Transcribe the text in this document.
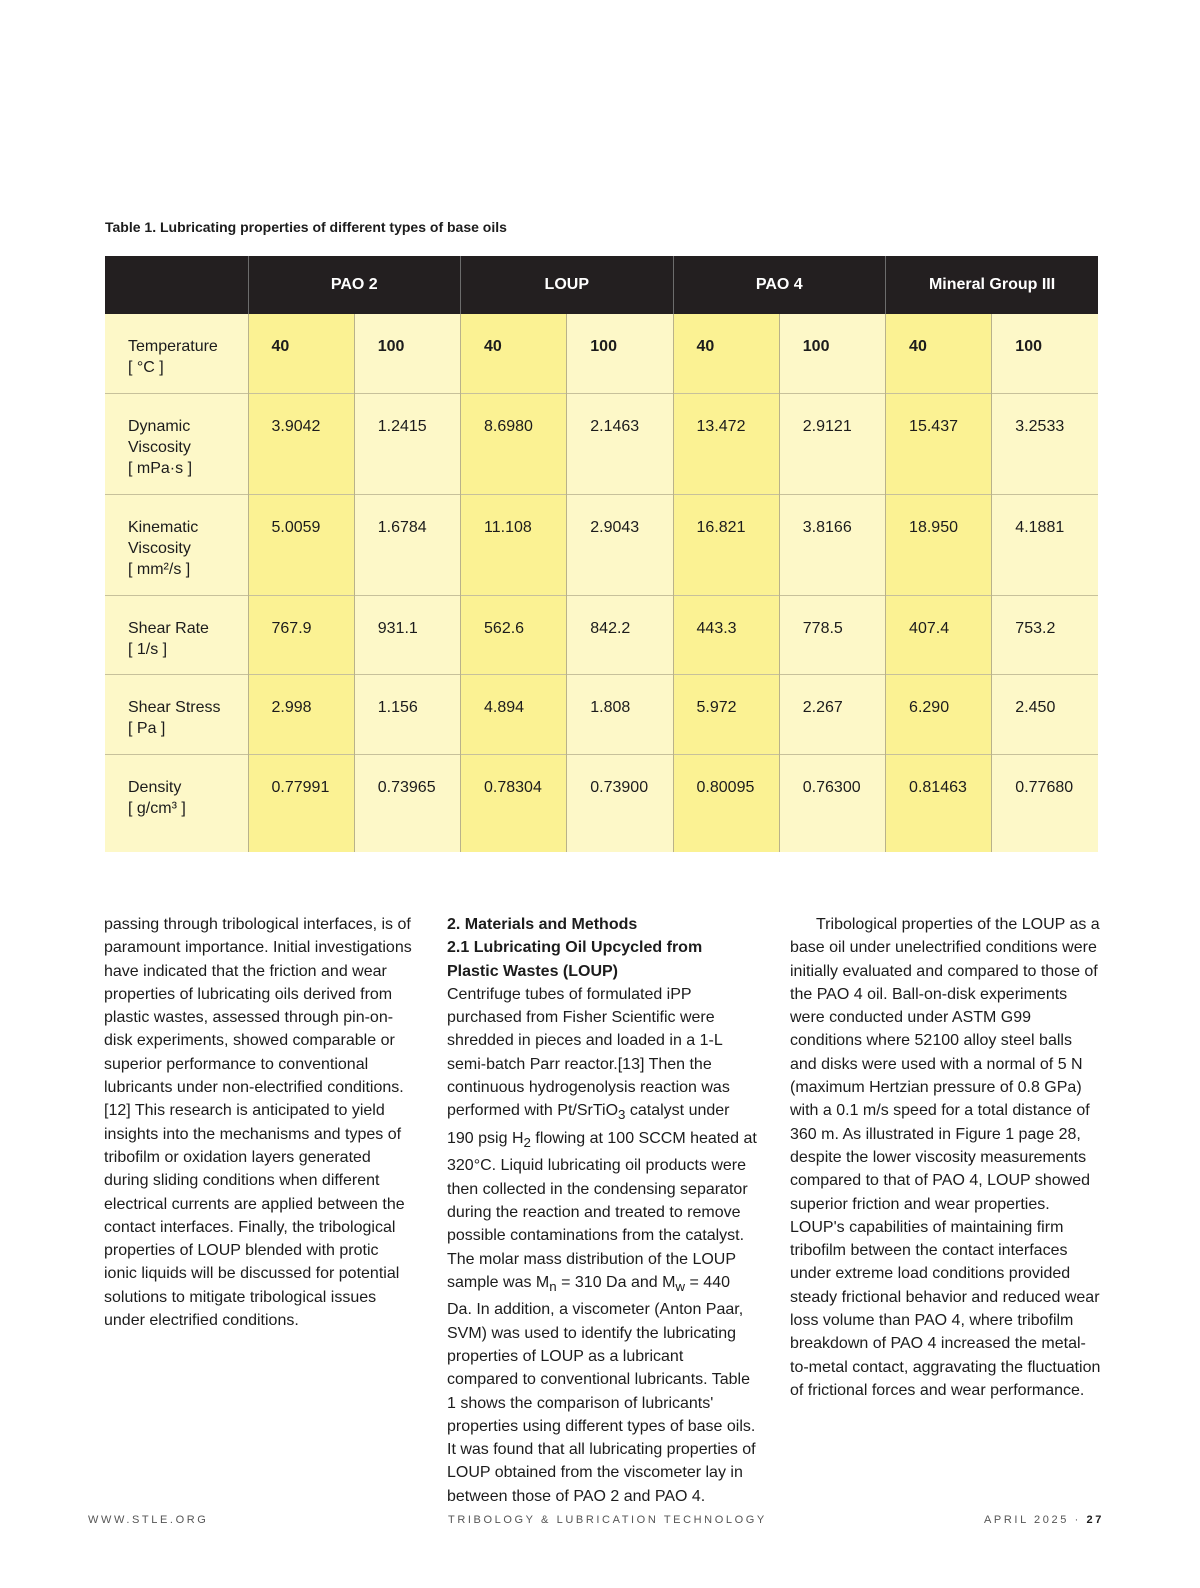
Table 1. Lubricating properties of different types of base oils
	PAO 2		LOUP		PAO 4		Mineral Group III	

Temperature
[ °C ]	40	100	40	100	40	100	40	100

Dynamic
Viscosity
[ mPa·s ]	3.9042	1.2415	8.6980	2.1463	13.472	2.9121	15.437	3.2533

Kinematic
Viscosity
[ mm²/s ]	5.0059	1.6784	11.108	2.9043	16.821	3.8166	18.950	4.1881

Shear Rate
[ 1/s ]	767.9	931.1	562.6	842.2	443.3	778.5	407.4	753.2

Shear Stress
[ Pa ]	2.998	1.156	4.894	1.808	5.972	2.267	6.290	2.450

Density
[ g/cm³ ]	0.77991	0.73965	0.78304	0.73900	0.80095	0.76300	0.81463	0.77680

passing through tribological interfaces, is of paramount importance. Initial investigations have indicated that the friction and wear properties of lubricating oils derived from plastic wastes, assessed through pin-on-disk experiments, showed comparable or superior performance to conventional lubricants under non-electrified conditions.[12] This research is anticipated to yield insights into the mechanisms and types of tribofilm or oxidation layers generated during sliding conditions when different electrical currents are applied between the contact interfaces. Finally, the tribological properties of LOUP blended with protic ionic liquids will be discussed for potential solutions to mitigate tribological issues under electrified conditions.

2. Materials and Methods

2.1 Lubricating Oil Upcycled from Plastic Wastes (LOUP)

Centrifuge tubes of formulated iPP purchased from Fisher Scientific were shredded in pieces and loaded in a 1-L semi-batch Parr reactor.[13] Then the continuous hydrogenolysis reaction was performed with Pt/SrTiO$_3$ catalyst under 190 psig $H_2$ flowing at 100 SCCM heated at 320°C. Liquid lubricating oil products were then collected in the condensing separator during the reaction and treated to remove possible contaminations from the catalyst. The molar mass distribution of the LOUP sample was $M_n = 310$ Da and $M_w = 440$ Da. In addition, a viscometer (Anton Paar, SVM) was used to identify the lubricating properties of LOUP as a lubricant compared to conventional lubricants. Table 1 shows the comparison of lubricants' properties using different types of base oils. It was found that all lubricating properties of LOUP obtained from the viscometer lay in between those of PAO 2 and PAO 4.

Tribological properties of the LOUP as a base oil under unelectrified conditions were initially evaluated and compared to those of the PAO 4 oil. Ball-on-disk experiments were conducted under ASTM G99 conditions where 52100 alloy steel balls and disks were used with a normal of 5 N (maximum Hertzian pressure of 0.8 GPa) with a 0.1 m/s speed for a total distance of 360 m. As illustrated in Figure 1 page 28, despite the lower viscosity measurements compared to that of PAO 4, LOUP showed superior friction and wear properties. LOUP's capabilities of maintaining firm tribofilm between the contact interfaces under extreme load conditions provided steady frictional behavior and reduced wear loss volume than PAO 4, where tribofilm breakdown of PAO 4 increased the metal-to-metal contact, aggravating the fluctuation of frictional forces and wear performance.

WWW.STLE.ORG	TRIBOLOGY & LUBRICATION TECHNOLOGY	APRIL 2025 · 27
